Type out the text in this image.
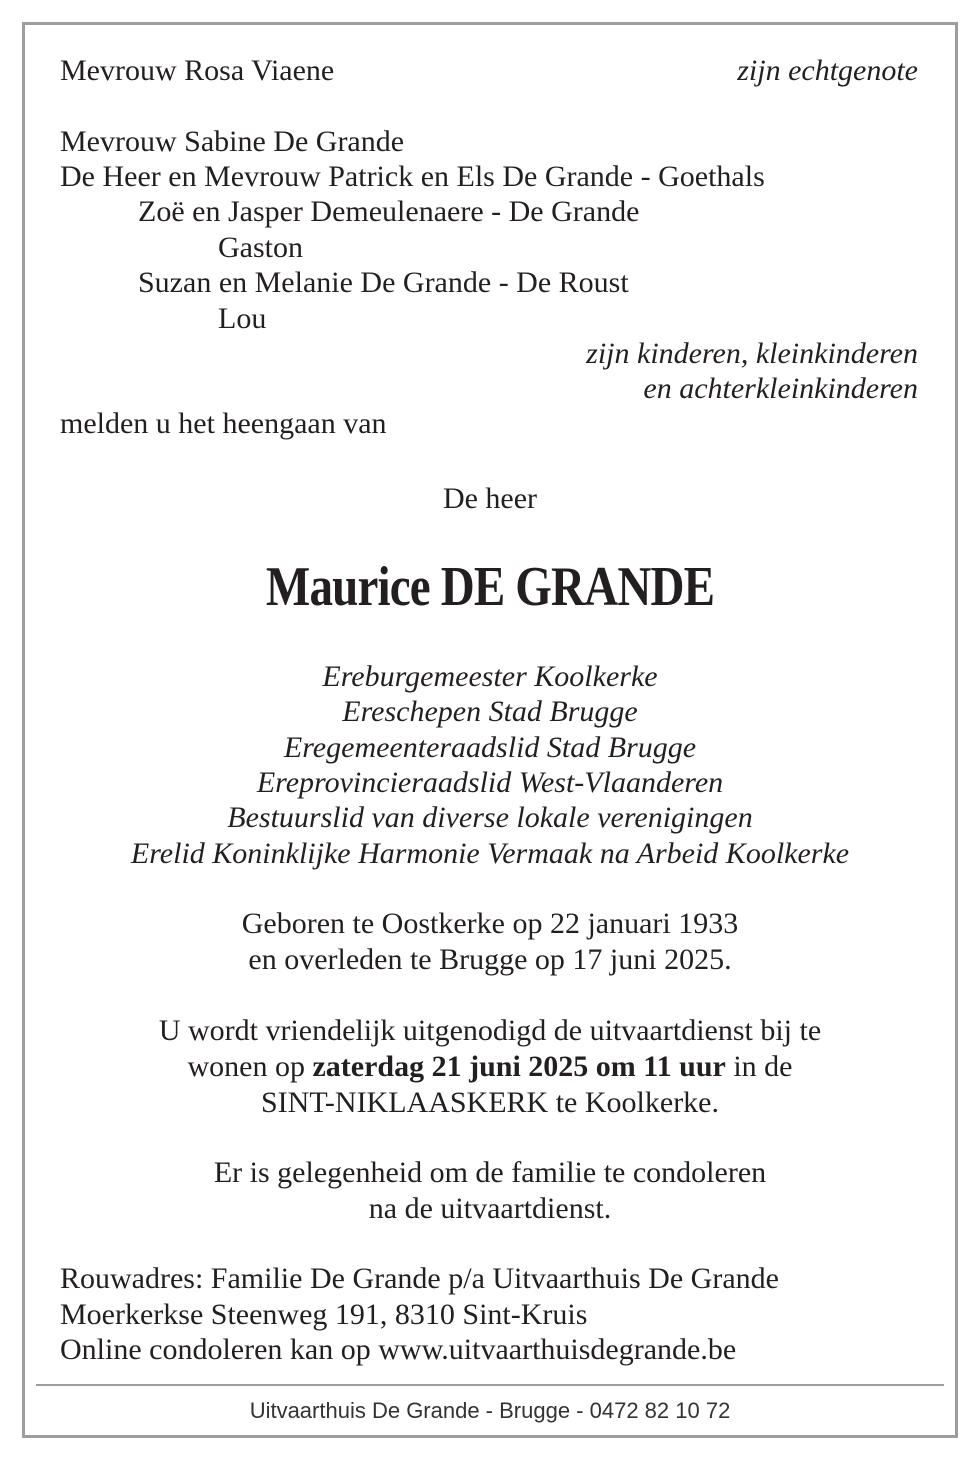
Mevrouw Rosa Viaene	zijn echtgenote
Mevrouw Sabine De Grande
De Heer en Mevrouw Patrick en Els De Grande - Goethals
Zoë en Jasper Demeulenaere - De Grande
Gaston
Suzan en Melanie De Grande - De Roust
Lou
zijn kinderen, kleinkinderen
en achterkleinkinderen
melden u het heengaan van
De heer
Maurice DE GRANDE
Ereburgemeester Koolkerke
Ereschepen Stad Brugge
Eregemeenteraadslid Stad Brugge
Ereprovincieraadslid West-Vlaanderen
Bestuurslid van diverse lokale verenigingen
Erelid Koninklijke Harmonie Vermaak na Arbeid Koolkerke
Geboren te Oostkerke op 22 januari 1933
en overleden te Brugge op 17 juni 2025.
U wordt vriendelijk uitgenodigd de uitvaartdienst bij te
wonen op zaterdag 21 juni 2025 om 11 uur in de
SINT-NIKLAASKERK te Koolkerke.
Er is gelegenheid om de familie te condoleren
na de uitvaartdienst.
Rouwadres: Familie De Grande p/a Uitvaarthuis De Grande
Moerkerkse Steenweg 191, 8310 Sint-Kruis
Online condoleren kan op www.uitvaarthuisdegrande.be
Uitvaarthuis De Grande - Brugge - 0472 82 10 72
